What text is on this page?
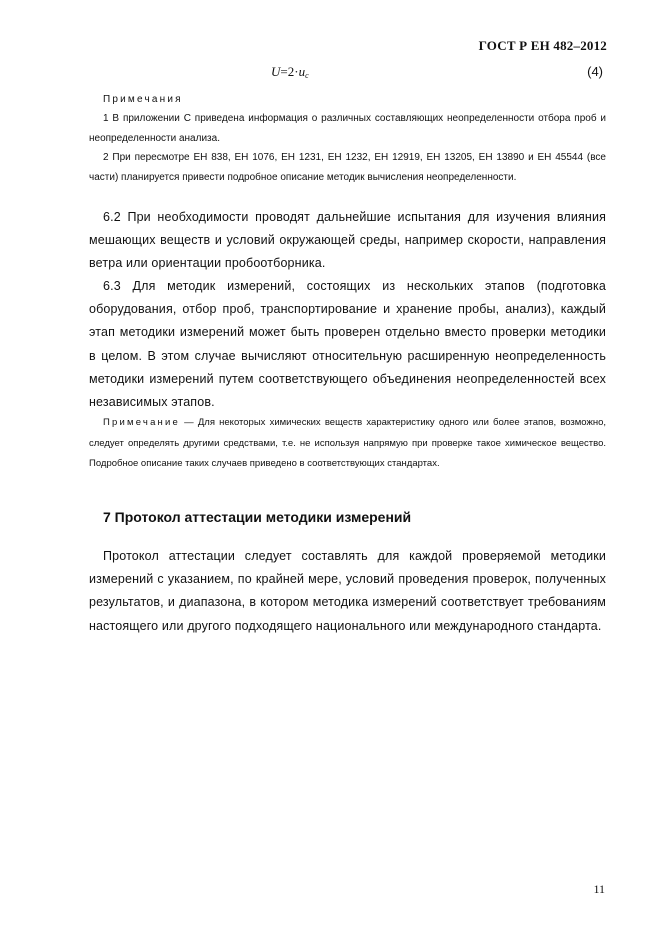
ГОСТ Р ЕН 482–2012
$U=2\cdot u_c$	(4)
Примечания
1 В приложении С приведена информация о различных составляющих неопределенности отбора проб и неопределенности анализа.
2 При пересмотре ЕН 838, ЕН 1076, ЕН 1231, ЕН 1232, ЕН 12919, ЕН 13205, ЕН 13890 и ЕН 45544 (все части) планируется привести подробное описание методик вычисления неопределенности.
6.2 При необходимости проводят дальнейшие испытания для изучения влияния мешающих веществ и условий окружающей среды, например скорости, направления ветра или ориентации пробоотборника.
6.3 Для методик измерений, состоящих из нескольких этапов (подготовка оборудования, отбор проб, транспортирование и хранение пробы, анализ), каждый этап методики измерений может быть проверен отдельно вместо проверки методики в целом. В этом случае вычисляют относительную расширенную неопределенность методики измерений путем соответствующего объединения неопределенностей всех независимых этапов.
Примечание — Для некоторых химических веществ характеристику одного или более этапов, возможно, следует определять другими средствами, т.е. не используя напрямую при проверке такое химическое вещество. Подробное описание таких случаев приведено в соответствующих стандартах.
7 Протокол аттестации методики измерений
Протокол аттестации следует составлять для каждой проверяемой методики измерений с указанием, по крайней мере, условий проведения проверок, полученных результатов, и диапазона, в котором методика измерений соответствует требованиям настоящего или другого подходящего национального или международного стандарта.
11
